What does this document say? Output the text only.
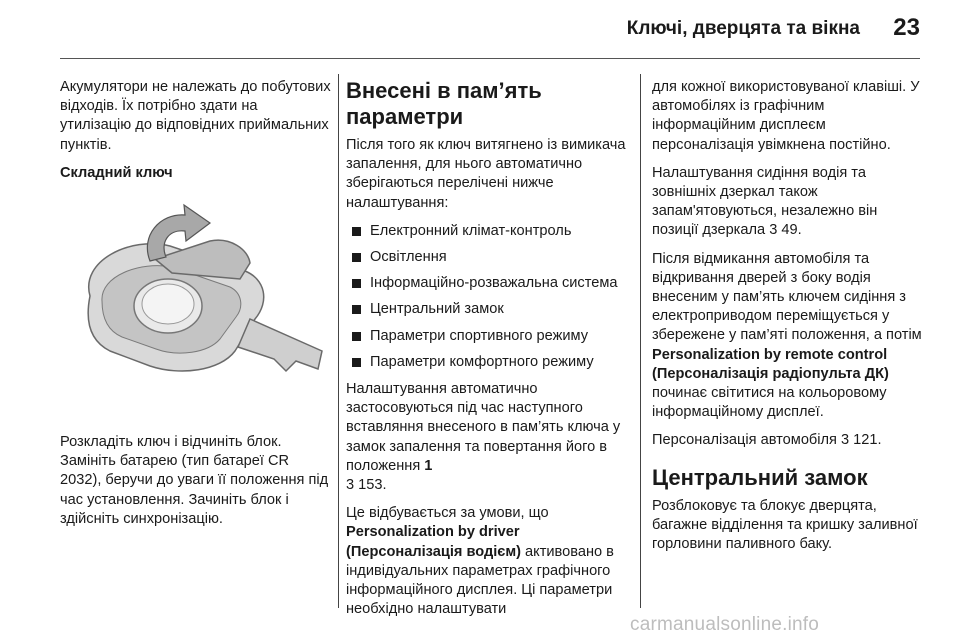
Ключі, дверцята та вікна	23

Акумулятори не належать до побутових відходів. Їх потрібно здати на утилізацію до відповідних приймальних пунктів.

Складний ключ

Розкладіть ключ і відчиніть блок. Замініть батарею (тип батареї CR 2032), беручи до уваги її положення під час установлення. Зачиніть блок і здійсніть синхронізацію.

Внесені в пам’ять параметри

Після того як ключ витягнено із вимикача запалення, для нього автоматично зберігаються перелічені нижче налаштування:

Електронний клімат-контроль
Освітлення
Інформаційно-розважальна система
Центральний замок
Параметри спортивного режиму
Параметри комфортного режиму

Налаштування автоматично застосовуються під час наступного вставляння внесеного в пам’ять ключа у замок запалення та повертання його в положення 1
3 153.

Це відбувається за умови, що Personalization by driver (Персоналізація водієм) активовано в індивідуальних параметрах графічного інформаційного дисплея. Ці параметри необхідно налаштувати

для кожної використовуваної клавіші. У автомобілях із графічним інформаційним дисплеєм персоналізація увімкнена постійно.

Налаштування сидіння водія та зовнішніх дзеркал також запам'ятовуються, незалежно він позиції дзеркала 3 49.

Після відмикання автомобіля та відкривання дверей з боку водія внесеним у пам’ять ключем сидіння з електроприводом переміщується у збережене у пам’яті положення, а потім Personalization by remote control (Персоналізація радіопульта ДК) починає світитися на кольоровому інформаційному дисплеї.

Персоналізація автомобіля 3 121.

Центральний замок

Розблоковує та блокує дверцята, багажне відділення та кришку заливної горловини паливного баку.

carmanualsonline.info
